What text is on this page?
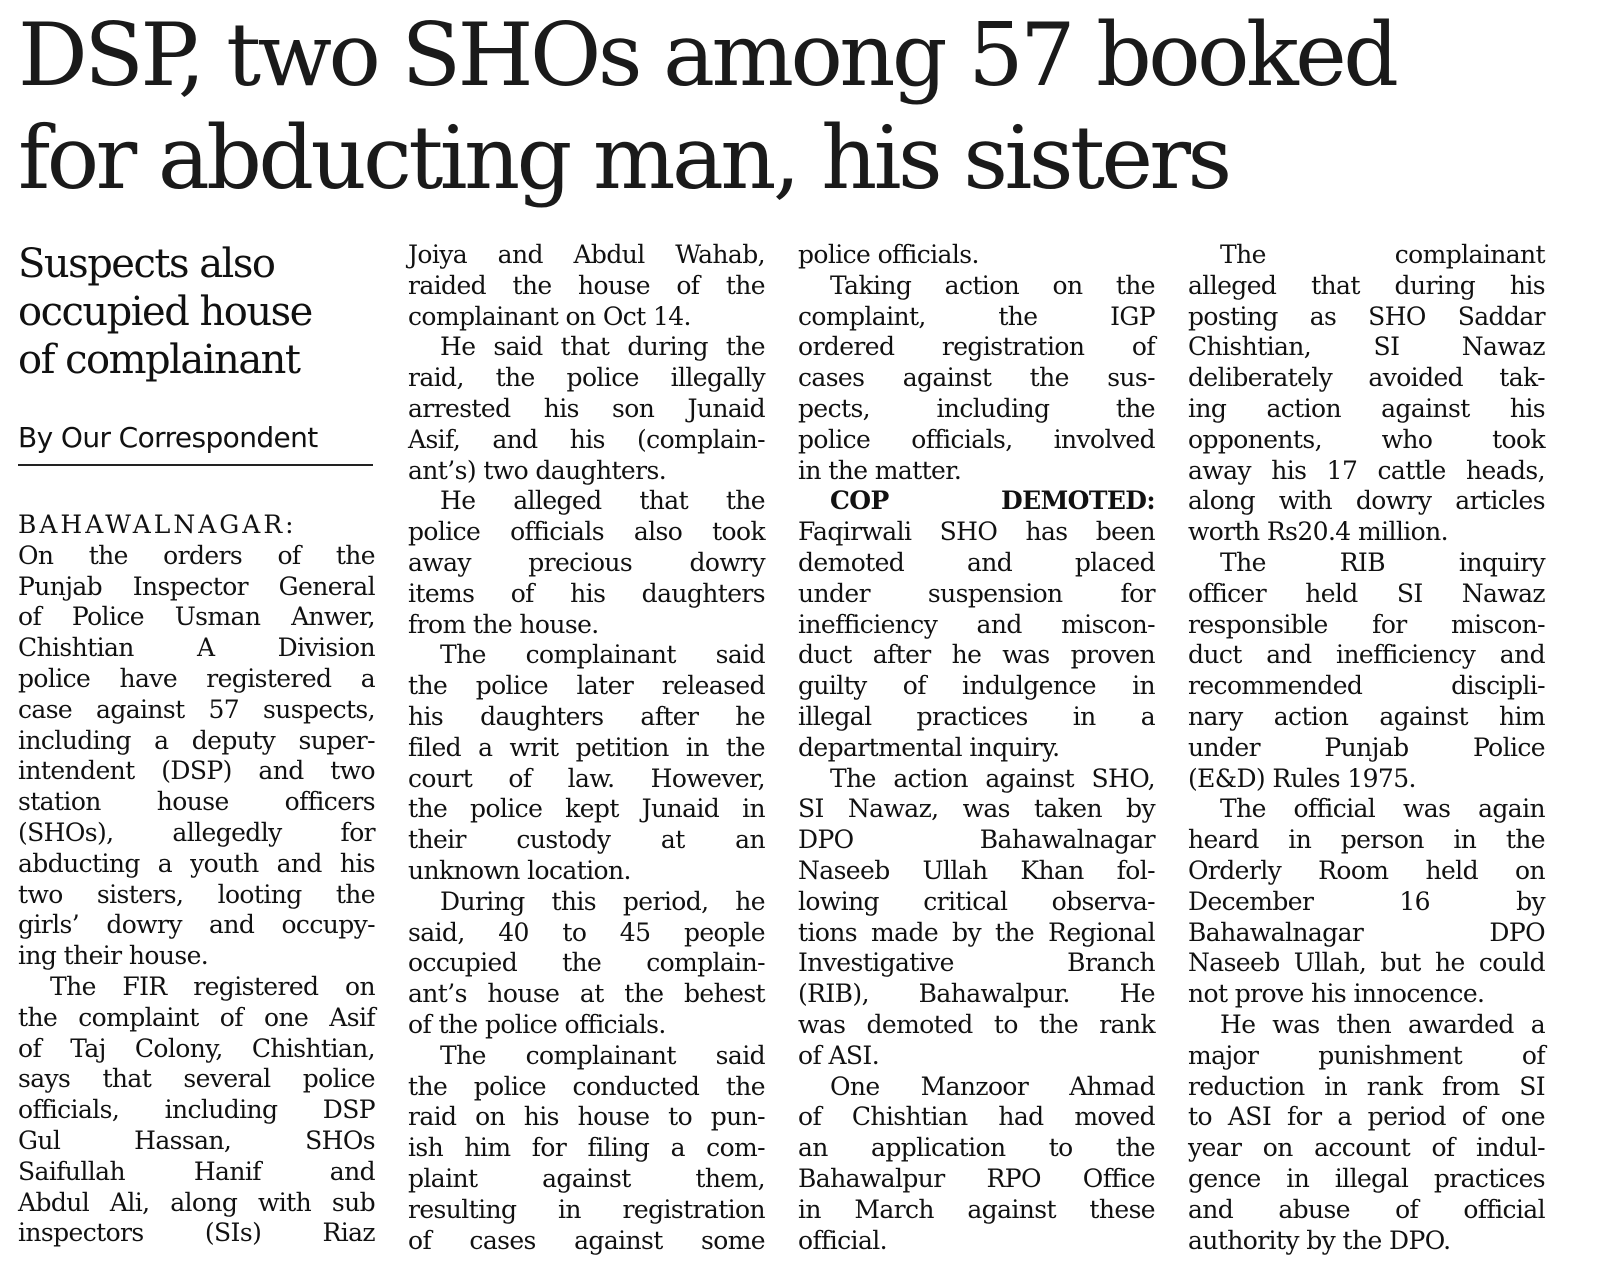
DSP, two SHOs among 57 booked
for abducting man, his sisters
Suspects also
occupied house
of complainant
By Our Correspondent
BAHAWALNAGAR:
On the orders of the
Punjab Inspector General
of Police Usman Anwer,
Chishtian A Division
police have registered a
case against 57 suspects,
including a deputy super-
intendent (DSP) and two
station house officers
(SHOs), allegedly for
abducting a youth and his
two sisters, looting the
girls’ dowry and occupy-
ing their house.
The FIR registered on
the complaint of one Asif
of Taj Colony, Chishtian,
says that several police
officials, including DSP
Gul Hassan, SHOs
Saifullah Hanif and
Abdul Ali, along with sub
inspectors (SIs) Riaz
Joiya and Abdul Wahab,
raided the house of the
complainant on Oct 14.
He said that during the
raid, the police illegally
arrested his son Junaid
Asif, and his (complain-
ant’s) two daughters.
He alleged that the
police officials also took
away precious dowry
items of his daughters
from the house.
The complainant said
the police later released
his daughters after he
filed a writ petition in the
court of law. However,
the police kept Junaid in
their custody at an
unknown location.
During this period, he
said, 40 to 45 people
occupied the complain-
ant’s house at the behest
of the police officials.
The complainant said
the police conducted the
raid on his house to pun-
ish him for filing a com-
plaint against them,
resulting in registration
of cases against some
police officials.
Taking action on the
complaint, the IGP
ordered registration of
cases against the sus-
pects, including the
police officials, involved
in the matter.
COP DEMOTED:
Faqirwali SHO has been
demoted and placed
under suspension for
inefficiency and miscon-
duct after he was proven
guilty of indulgence in
illegal practices in a
departmental inquiry.
The action against SHO,
SI Nawaz, was taken by
DPO Bahawalnagar
Naseeb Ullah Khan fol-
lowing critical observa-
tions made by the Regional
Investigative Branch
(RIB), Bahawalpur. He
was demoted to the rank
of ASI.
One Manzoor Ahmad
of Chishtian had moved
an application to the
Bahawalpur RPO Office
in March against these
official.
The complainant
alleged that during his
posting as SHO Saddar
Chishtian, SI Nawaz
deliberately avoided tak-
ing action against his
opponents, who took
away his 17 cattle heads,
along with dowry articles
worth Rs20.4 million.
The RIB inquiry
officer held SI Nawaz
responsible for miscon-
duct and inefficiency and
recommended discipli-
nary action against him
under Punjab Police
(E&D) Rules 1975.
The official was again
heard in person in the
Orderly Room held on
December 16 by
Bahawalnagar DPO
Naseeb Ullah, but he could
not prove his innocence.
He was then awarded a
major punishment of
reduction in rank from SI
to ASI for a period of one
year on account of indul-
gence in illegal practices
and abuse of official
authority by the DPO.
